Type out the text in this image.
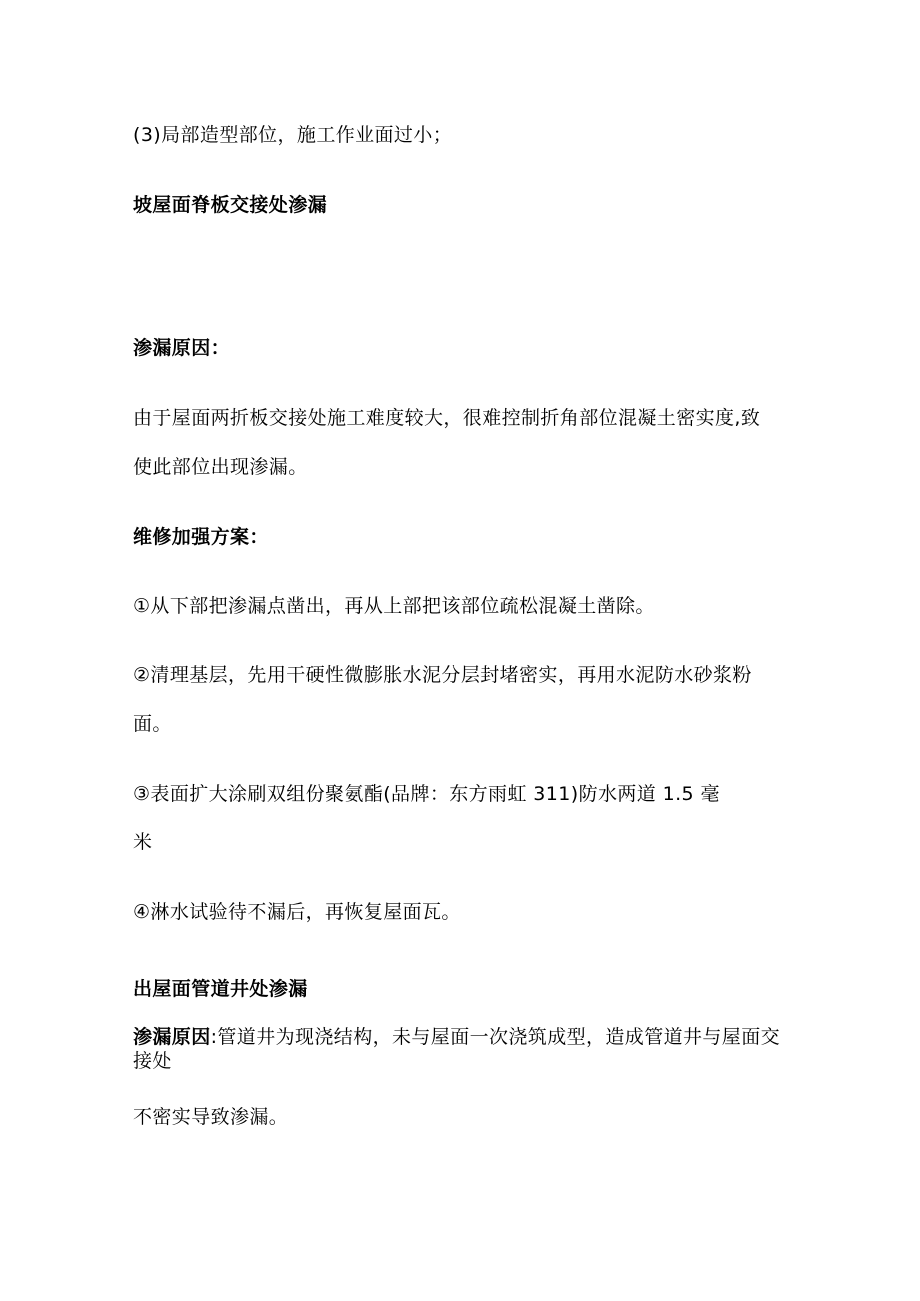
(3)局部造型部位，施工作业面过小；
坡屋面脊板交接处渗漏
渗漏原因：
由于屋面两折板交接处施工难度较大，很难控制折角部位混凝土密实度,致
使此部位出现渗漏。
维修加强方案：
①从下部把渗漏点凿出，再从上部把该部位疏松混凝土凿除。
②清理基层，先用干硬性微膨胀水泥分层封堵密实，再用水泥防水砂浆粉
面。
③表面扩大涂刷双组份聚氨酯(品牌：东方雨虹 311)防水两道 1.5 毫
米
④淋水试验待不漏后，再恢复屋面瓦。
出屋面管道井处渗漏
渗漏原因:管道井为现浇结构，未与屋面一次浇筑成型，造成管道井与屋面交接处
不密实导致渗漏。
